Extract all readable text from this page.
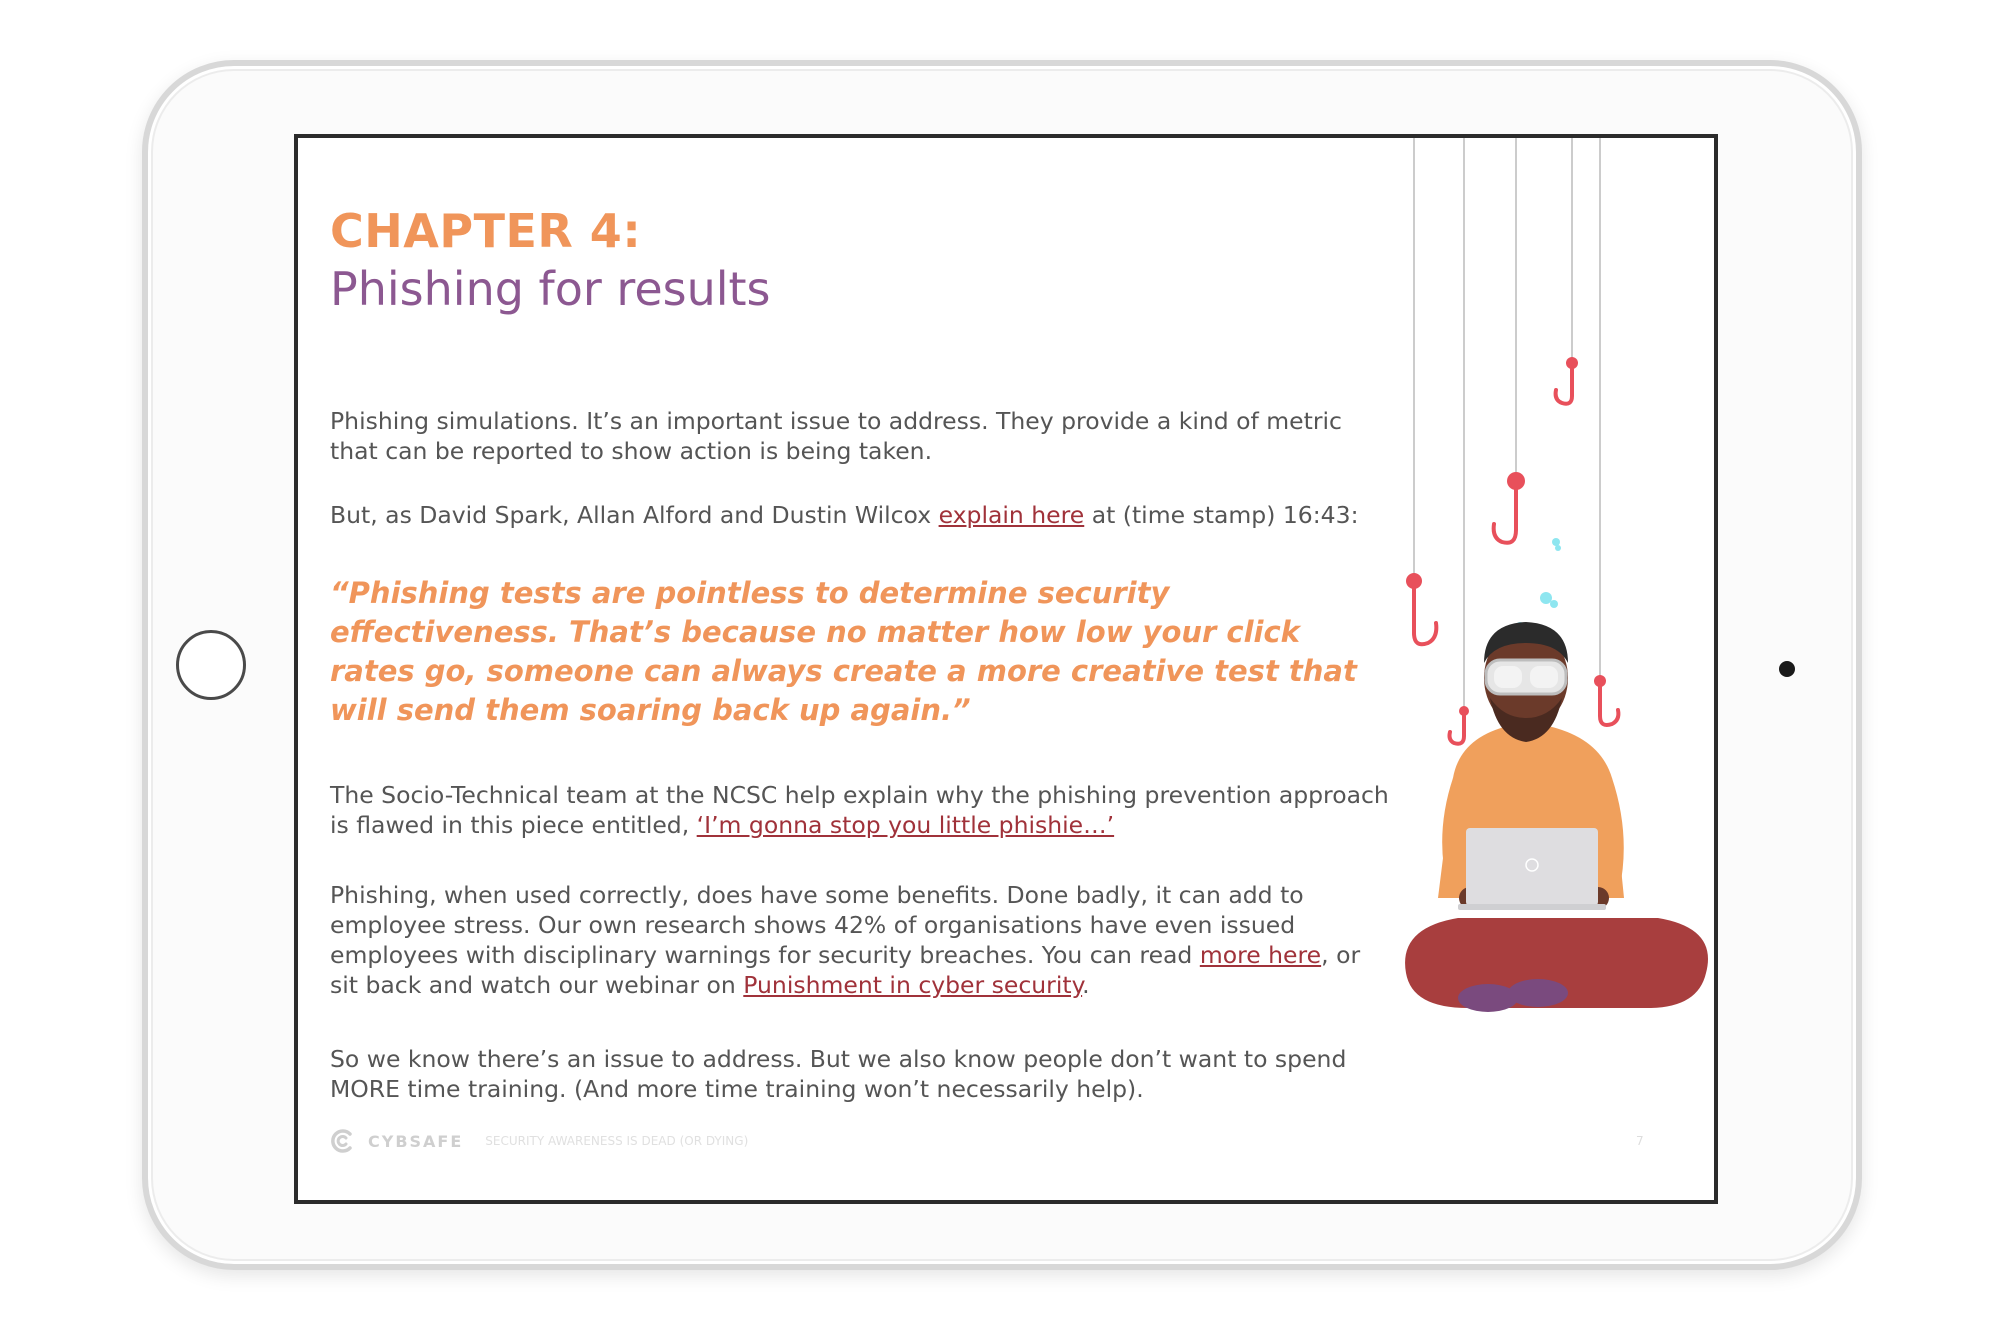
CHAPTER 4:
Phishing for results

Phishing simulations. It’s an important issue to address. They provide a kind of metric that can be reported to show action is being taken.

But, as David Spark, Allan Alford and Dustin Wilcox explain here at (time stamp) 16:43:

“Phishing tests are pointless to determine security effectiveness. That’s because no matter how low your click rates go, someone can always create a more creative test that will send them soaring back up again.”

The Socio-Technical team at the NCSC help explain why the phishing prevention approach is flawed in this piece entitled, ‘I’m gonna stop you little phishie…’

Phishing, when used correctly, does have some benefits. Done badly, it can add to employee stress. Our own research shows 42% of organisations have even issued employees with disciplinary warnings for security breaches. You can read more here, or sit back and watch our webinar on Punishment in cyber security.

So we know there’s an issue to address. But we also know people don’t want to spend MORE time training. (And more time training won’t necessarily help).

CYBSAFE SECURITY AWARENESS IS DEAD (OR DYING)	7
